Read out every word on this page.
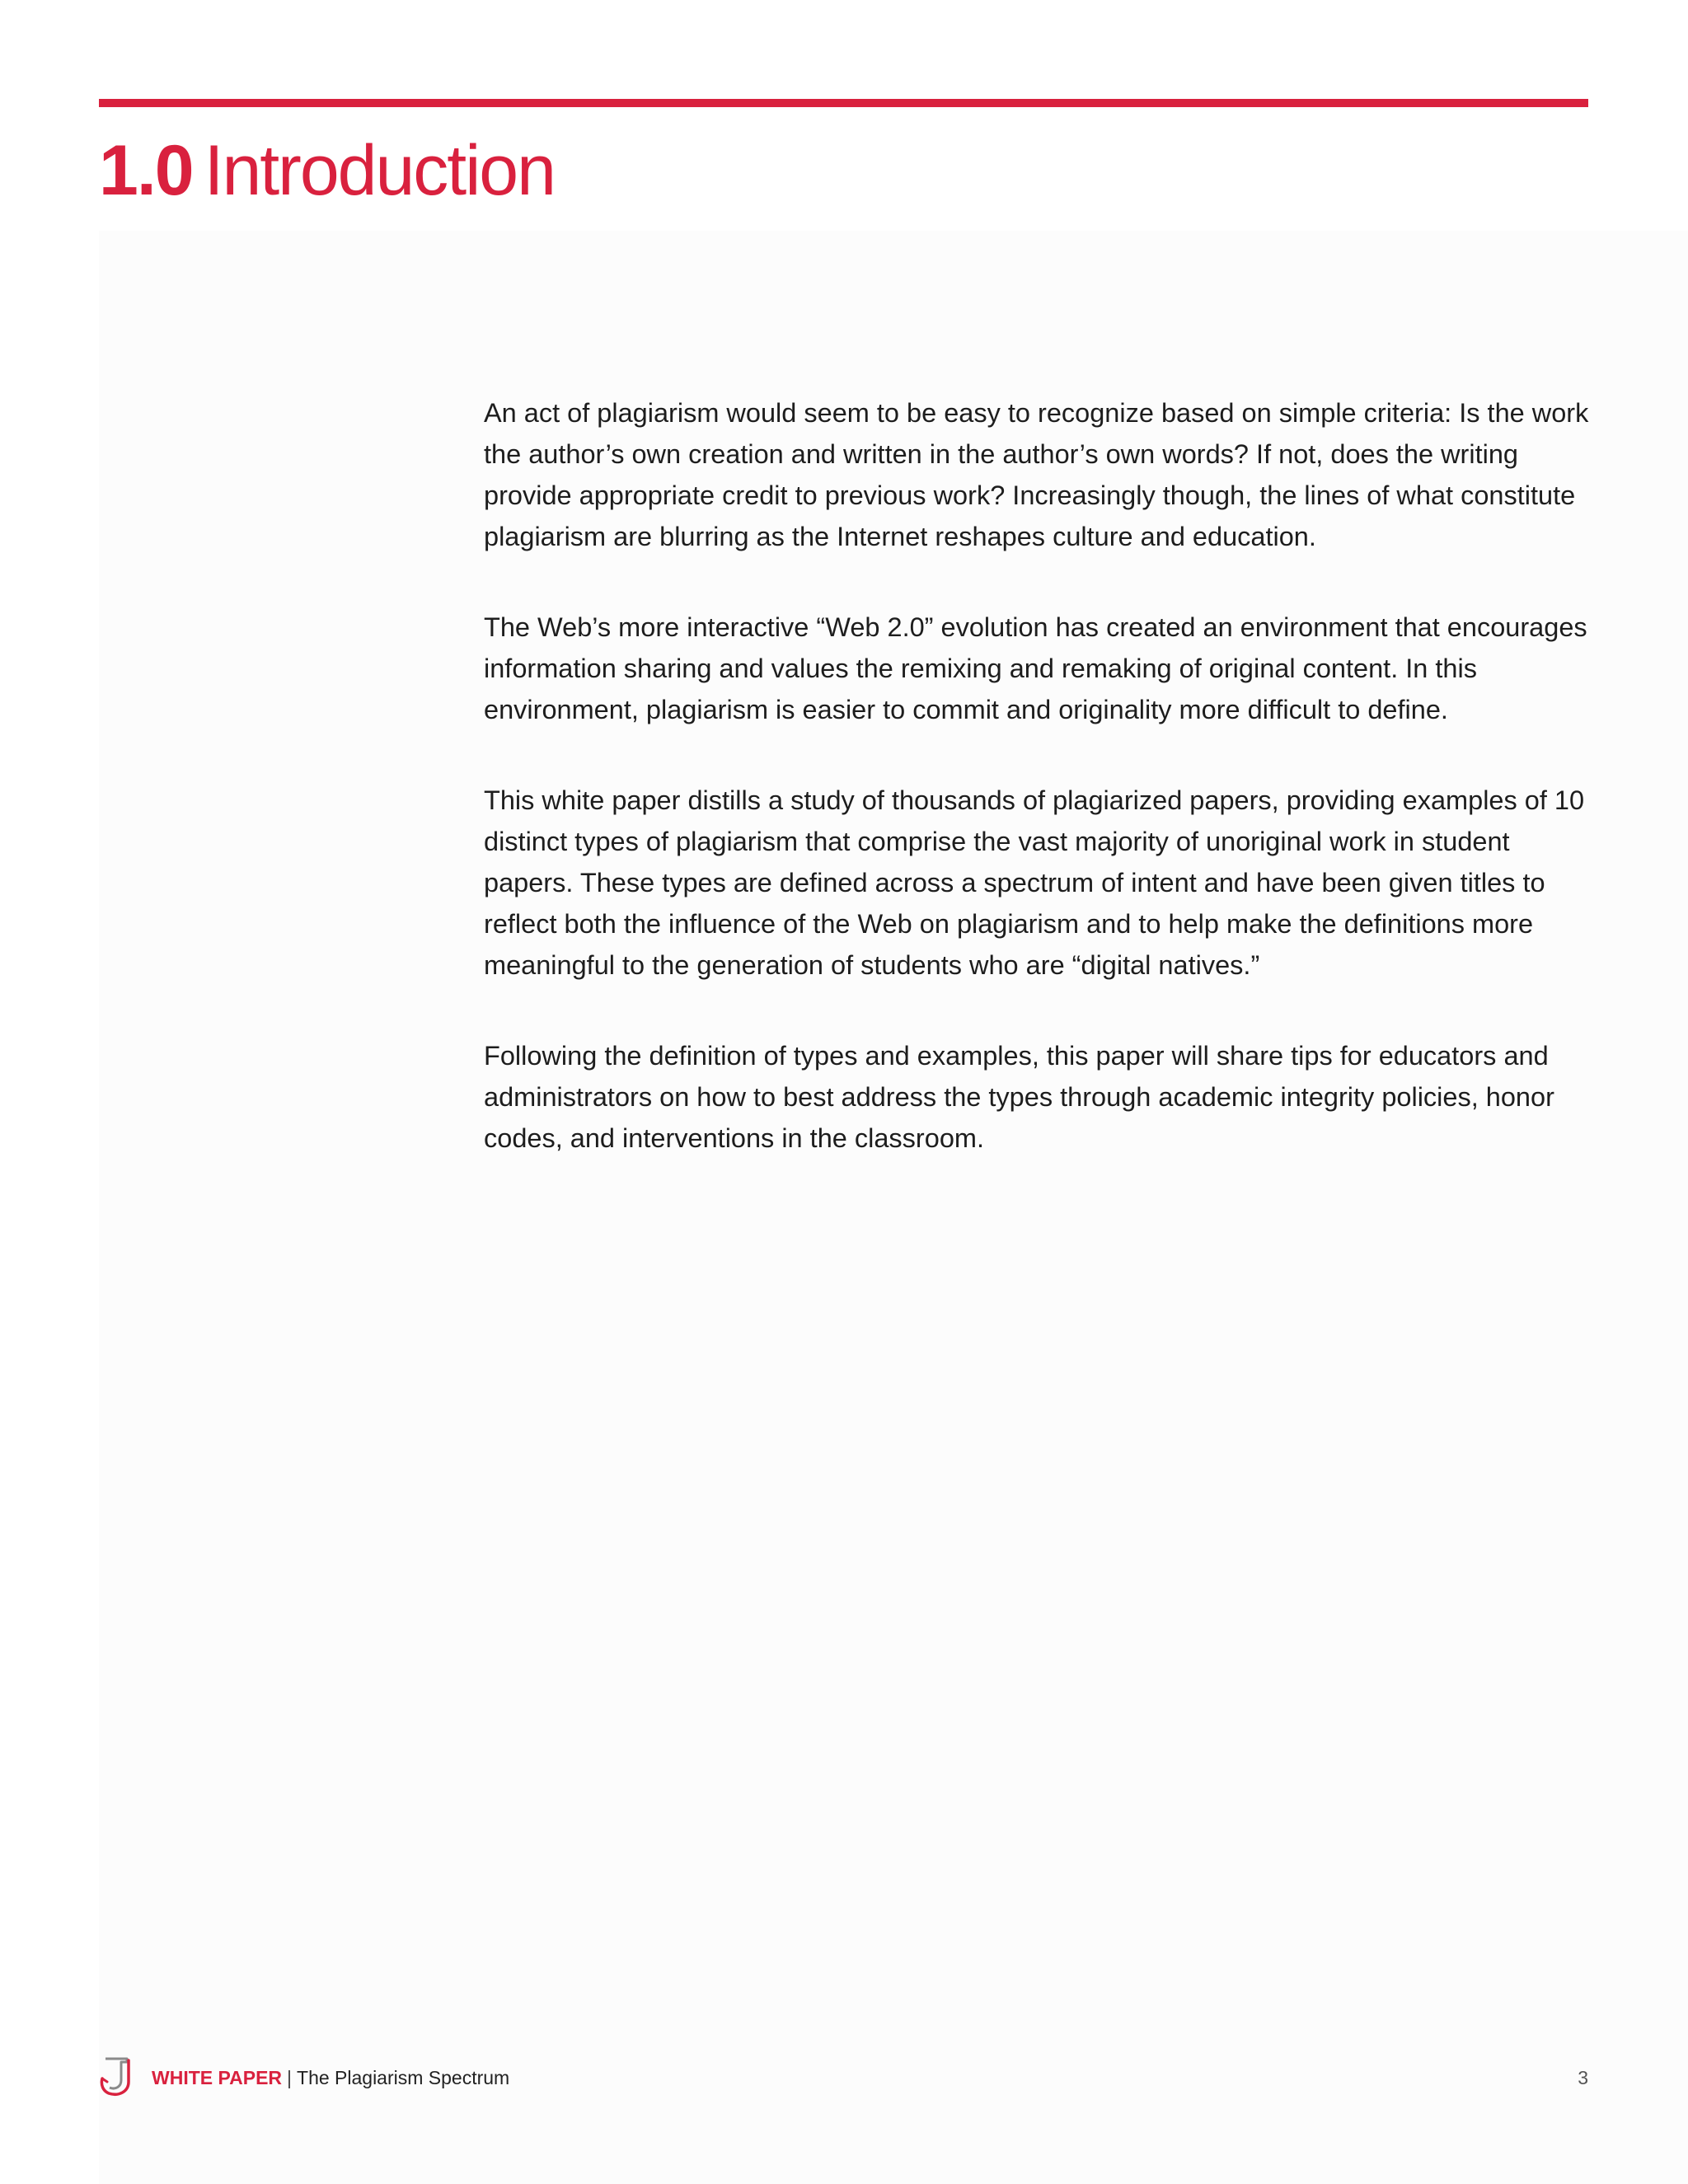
1.0 Introduction

An act of plagiarism would seem to be easy to recognize based on simple criteria: Is the work the author’s own creation and written in the author’s own words? If not, does the writing provide appropriate credit to previous work? Increasingly though, the lines of what constitute plagiarism are blurring as the Internet reshapes culture and education.

The Web’s more interactive “Web 2.0” evolution has created an environment that encourages information sharing and values the remixing and remaking of original content. In this environment, plagiarism is easier to commit and originality more difficult to define.

This white paper distills a study of thousands of plagiarized papers, providing examples of 10 distinct types of plagiarism that comprise the vast majority of unoriginal work in student papers. These types are defined across a spectrum of intent and have been given titles to reflect both the influence of the Web on plagiarism and to help make the definitions more meaningful to the generation of students who are “digital natives.”

Following the definition of types and examples, this paper will share tips for educators and administrators on how to best address the types through academic integrity policies, honor codes, and interventions in the classroom.

WHITE PAPER | The Plagiarism Spectrum	3
